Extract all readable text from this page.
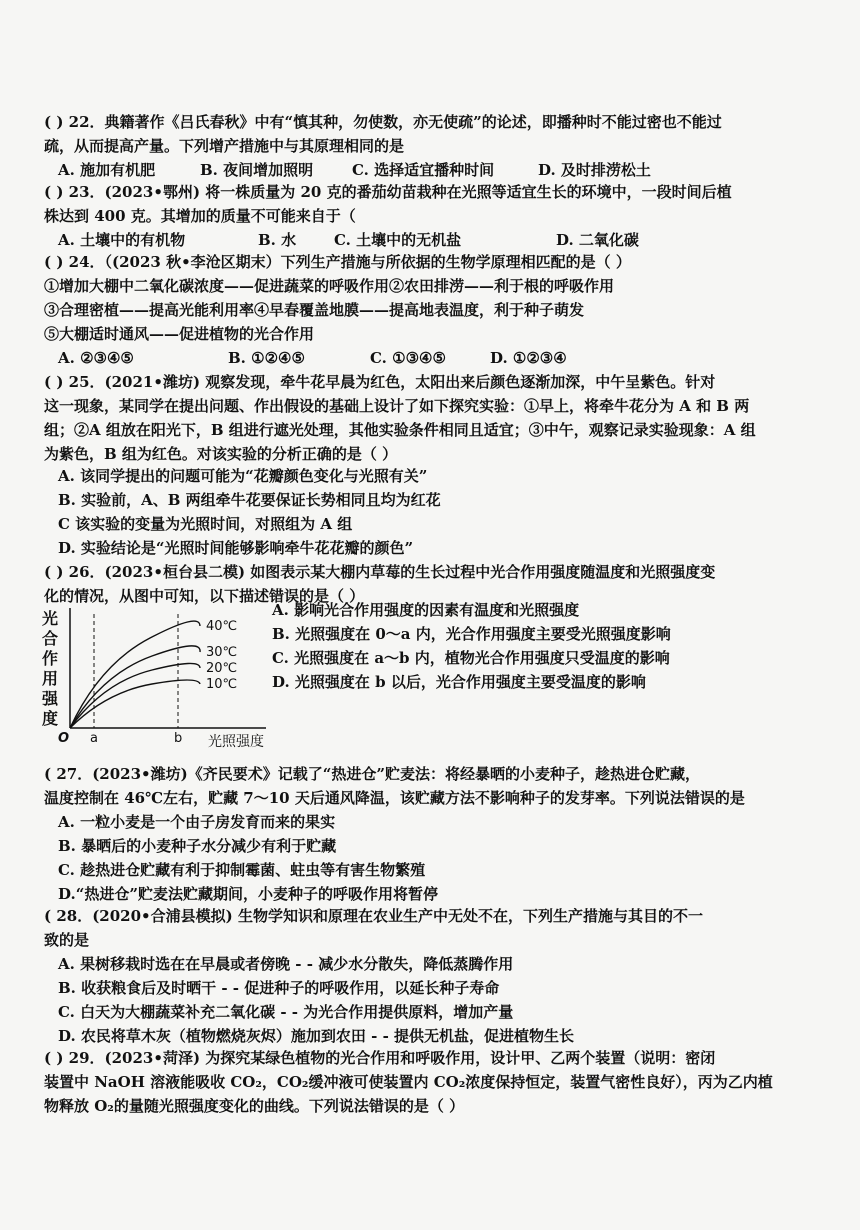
( ) 22．典籍著作《吕氏春秋》中有“慎其种，勿使数，亦无使疏”的论述，即播种时不能过密也不能过
疏，从而提高产量。下列增产措施中与其原理相同的是
A. 施加有机肥	B. 夜间增加照明	C. 选择适宜播种时间	D. 及时排涝松土
( ) 23．(2023•鄂州) 将一株质量为 20 克的番茄幼苗栽种在光照等适宜生长的环境中，一段时间后植
株达到 400 克。其增加的质量不可能来自于（
A. 土壤中的有机物	B. 水	C. 土壤中的无机盐	D. 二氧化碳
( ) 24．（(2023 秋•李沧区期末）下列生产措施与所依据的生物学原理相匹配的是（ ）
①增加大棚中二氧化碳浓度——促进蔬菜的呼吸作用②农田排涝——利于根的呼吸作用
③合理密植——提高光能利用率④早春覆盖地膜——提高地表温度，利于种子萌发
⑤大棚适时通风——促进植物的光合作用
A. ②③④⑤	B. ①②④⑤	C. ①③④⑤	D. ①②③④
( ) 25．(2021•潍坊) 观察发现，牵牛花早晨为红色，太阳出来后颜色逐渐加深，中午呈紫色。针对
这一现象，某同学在提出问题、作出假设的基础上设计了如下探究实验：①早上，将牵牛花分为 A 和 B 两
组；②A 组放在阳光下，B 组进行遮光处理，其他实验条件相同且适宜；③中午，观察记录实验现象：A 组
为紫色，B 组为红色。对该实验的分析正确的是（ ）
A. 该同学提出的问题可能为“花瓣颜色变化与光照有关”
B. 实验前，A、B 两组牵牛花要保证长势相同且均为红花
C 该实验的变量为光照时间，对照组为 A 组
D. 实验结论是“光照时间能够影响牵牛花花瓣的颜色”
( ) 26．(2023•桓台县二模) 如图表示某大棚内草莓的生长过程中光合作用强度随温度和光照强度变
化的情况，从图中可知，以下描述错误的是（ ）
光
合
作
用
强
度
40℃
30℃
20℃
10℃
O a	b 光照强度
A. 影响光合作用强度的因素有温度和光照强度
B. 光照强度在 0～a 内，光合作用强度主要受光照强度影响
C. 光照强度在 a～b 内，植物光合作用强度只受温度的影响
D. 光照强度在 b 以后，光合作用强度主要受温度的影响
( 27．(2023•潍坊)《齐民要术》记载了“热进仓”贮麦法：将经暴晒的小麦种子，趁热进仓贮藏，
温度控制在 46℃左右，贮藏 7～10 天后通风降温，该贮藏方法不影响种子的发芽率。下列说法错误的是
A. 一粒小麦是一个由子房发育而来的果实
B. 暴晒后的小麦种子水分减少有利于贮藏
C. 趁热进仓贮藏有利于抑制霉菌、蛀虫等有害生物繁殖
D.“热进仓”贮麦法贮藏期间，小麦种子的呼吸作用将暂停
( 28．(2020•合浦县模拟) 生物学知识和原理在农业生产中无处不在，下列生产措施与其目的不一
致的是
A. 果树移栽时选在在早晨或者傍晚 - - 减少水分散失，降低蒸腾作用
B. 收获粮食后及时晒干 - - 促进种子的呼吸作用，以延长种子寿命
C. 白天为大棚蔬菜补充二氧化碳 - - 为光合作用提供原料，增加产量
D. 农民将草木灰（植物燃烧灰烬）施加到农田 - - 提供无机盐，促进植物生长
( ) 29．(2023•菏泽) 为探究某绿色植物的光合作用和呼吸作用，设计甲、乙两个装置（说明：密闭
装置中 NaOH 溶液能吸收 CO₂，CO₂缓冲液可使装置内 CO₂浓度保持恒定，装置气密性良好），丙为乙内植
物释放 O₂的量随光照强度变化的曲线。下列说法错误的是（ ）
